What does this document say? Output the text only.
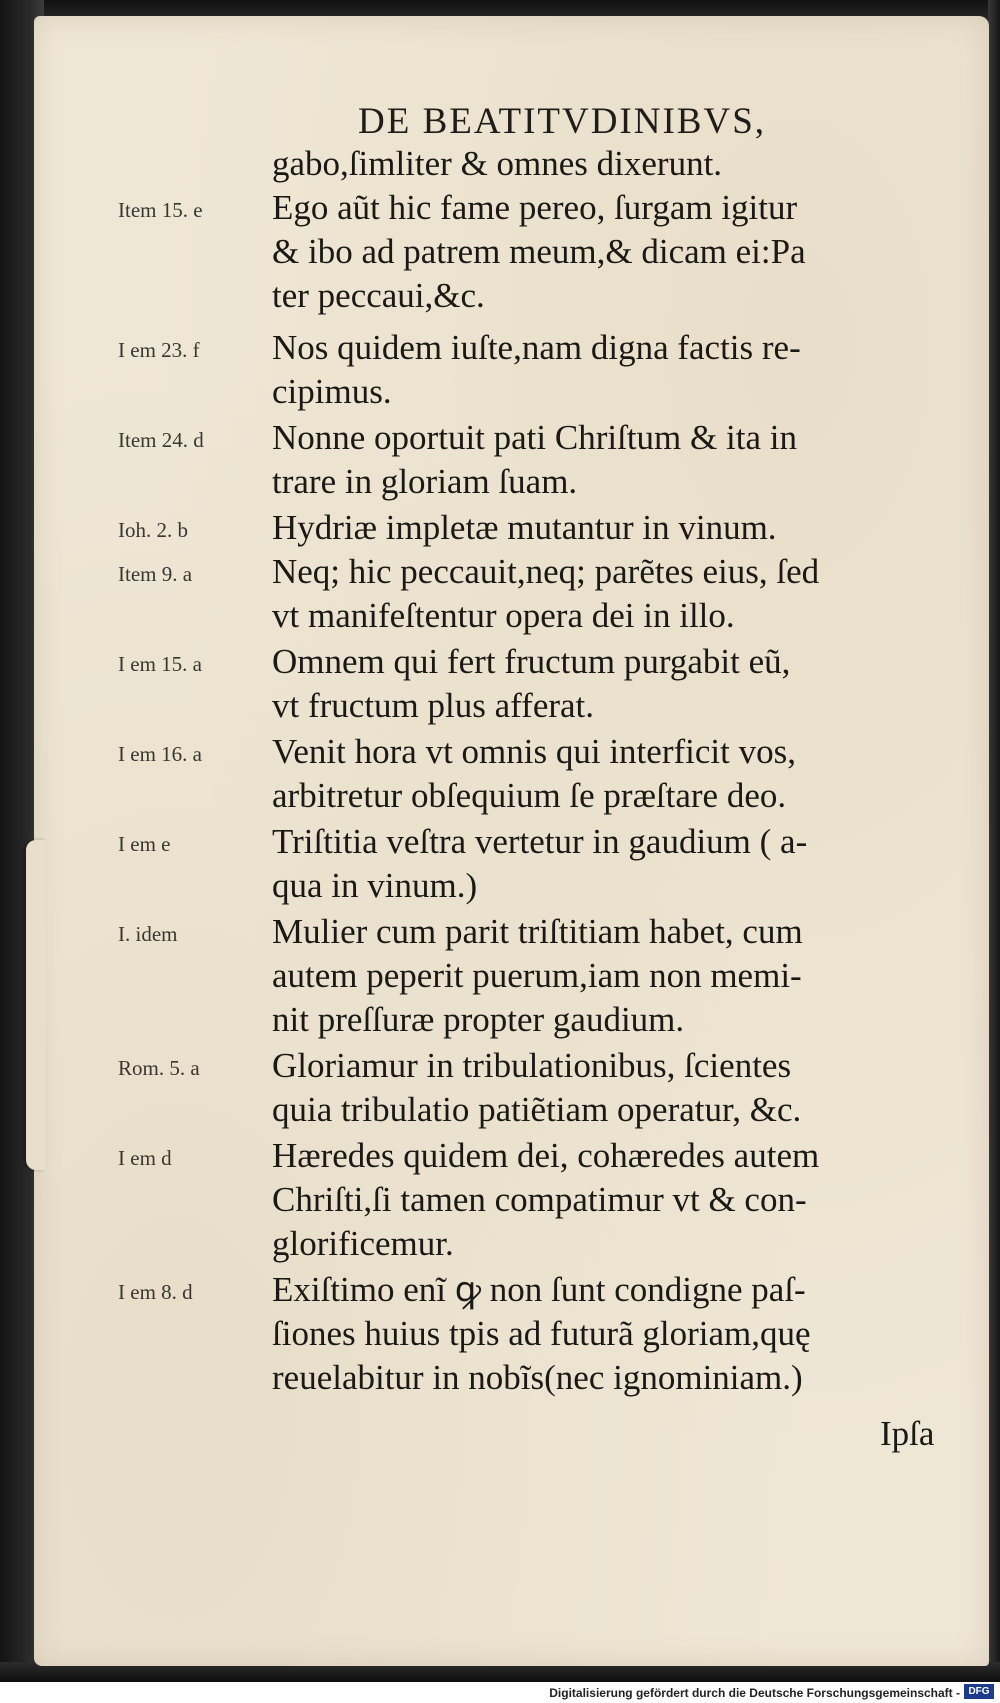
DE BEATITVDINIBVS,
gabo,ſimliter & omnes dixerunt.
Item 15. e	Ego aũt hic fame pereo, ſurgam igitur
& ibo ad patrem meum,& dicam ei:Pa
ter peccaui,&c.
I em 23. f	Nos quidem iuſte,nam digna factis re-
cipimus.
Item 24. d	Nonne oportuit pati Chriſtum & ita in
trare in gloriam ſuam.
Ioh. 2. b	Hydriæ impletæ mutantur in vinum.
Item 9. a	Neq; hic peccauit,neq; parẽtes eius, ſed
vt manifeſtentur opera dei in illo.
I em 15. a	Omnem qui fert fructum purgabit eũ,
vt fructum plus afferat.
I em 16. a	Venit hora vt omnis qui interficit vos,
arbitretur obſequium ſe præſtare deo.
I em e	Triſtitia veſtra vertetur in gaudium ( a-
qua in vinum.)
I. idem	Mulier cum parit triſtitiam habet, cum
autem peperit puerum,iam non memi-
nit preſſuræ propter gaudium.
Rom. 5. a	Gloriamur in tribulationibus, ſcientes
quia tribulatio patiẽtiam operatur, &c.
I em d	Hæredes quidem dei, cohæredes autem
Chriſti,ſi tamen compatimur vt & con-
glorificemur.
I em 8. d	Exiſtimo enĩ ꝙ non ſunt condigne paſ-
ſiones huius tpis ad futurã gloriam,quę
reuelabitur in nobĩs(nec ignominiam.)
Ipſa
Digitalisierung gefördert durch die Deutsche Forschungsgemeinschaft - DFG
